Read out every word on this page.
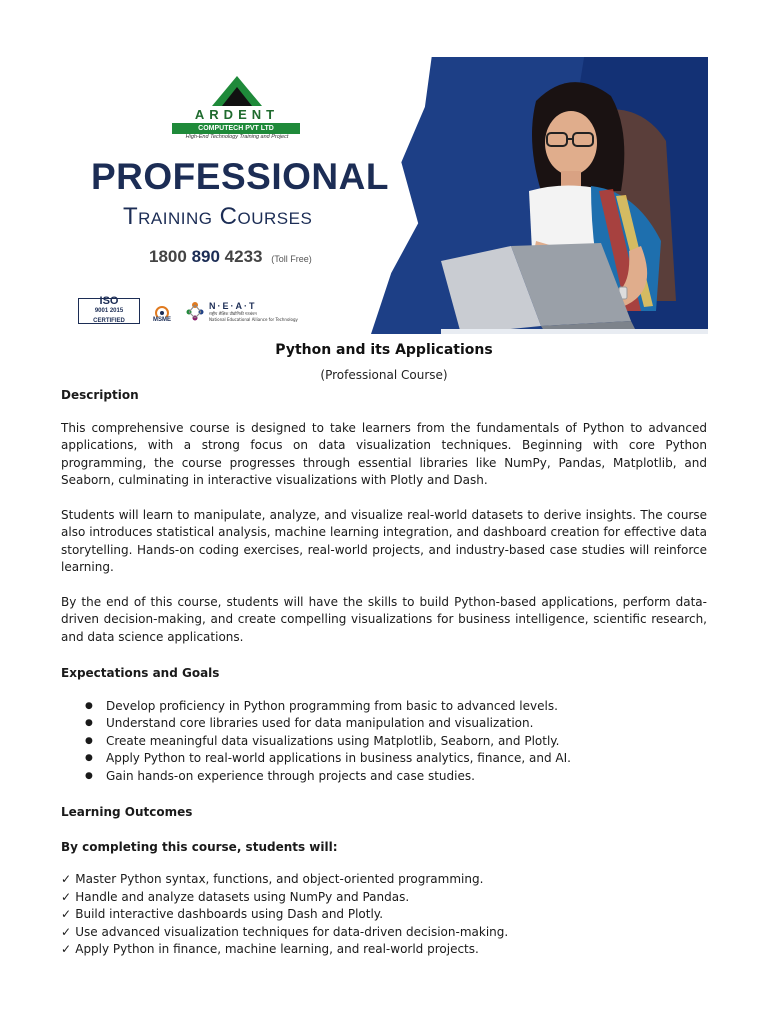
ARDENT
COMPUTECH PVT LTD
High-End Technology Training and Project
PROFESSIONAL
Training Courses
1800 890 4233 (Toll Free)
ISO
9001 2015
CERTIFIED	MSME
N·E·A·T
राष्ट्रीय शैक्षिक प्रौद्योगिकी गठबंधन
National Educational Alliance for Technology
Python and its Applications
(Professional Course)
Description

This comprehensive course is designed to take learners from the fundamentals of Python to advanced applications, with a strong focus on data visualization techniques. Beginning with core Python programming, the course progresses through essential libraries like NumPy, Pandas, Matplotlib, and Seaborn, culminating in interactive visualizations with Plotly and Dash.

Students will learn to manipulate, analyze, and visualize real-world datasets to derive insights. The course also introduces statistical analysis, machine learning integration, and dashboard creation for effective data storytelling. Hands-on coding exercises, real-world projects, and industry-based case studies will reinforce learning.

By the end of this course, students will have the skills to build Python-based applications, perform data-driven decision-making, and create compelling visualizations for business intelligence, scientific research, and data science applications.

Expectations and Goals
● Develop proficiency in Python programming from basic to advanced levels.
● Understand core libraries used for data manipulation and visualization.
● Create meaningful data visualizations using Matplotlib, Seaborn, and Plotly.
● Apply Python to real-world applications in business analytics, finance, and AI.
● Gain hands-on experience through projects and case studies.
Learning Outcomes
By completing this course, students will:
✓ Master Python syntax, functions, and object-oriented programming.
✓ Handle and analyze datasets using NumPy and Pandas.
✓ Build interactive dashboards using Dash and Plotly.
✓ Use advanced visualization techniques for data-driven decision-making.
✓ Apply Python in finance, machine learning, and real-world projects.
